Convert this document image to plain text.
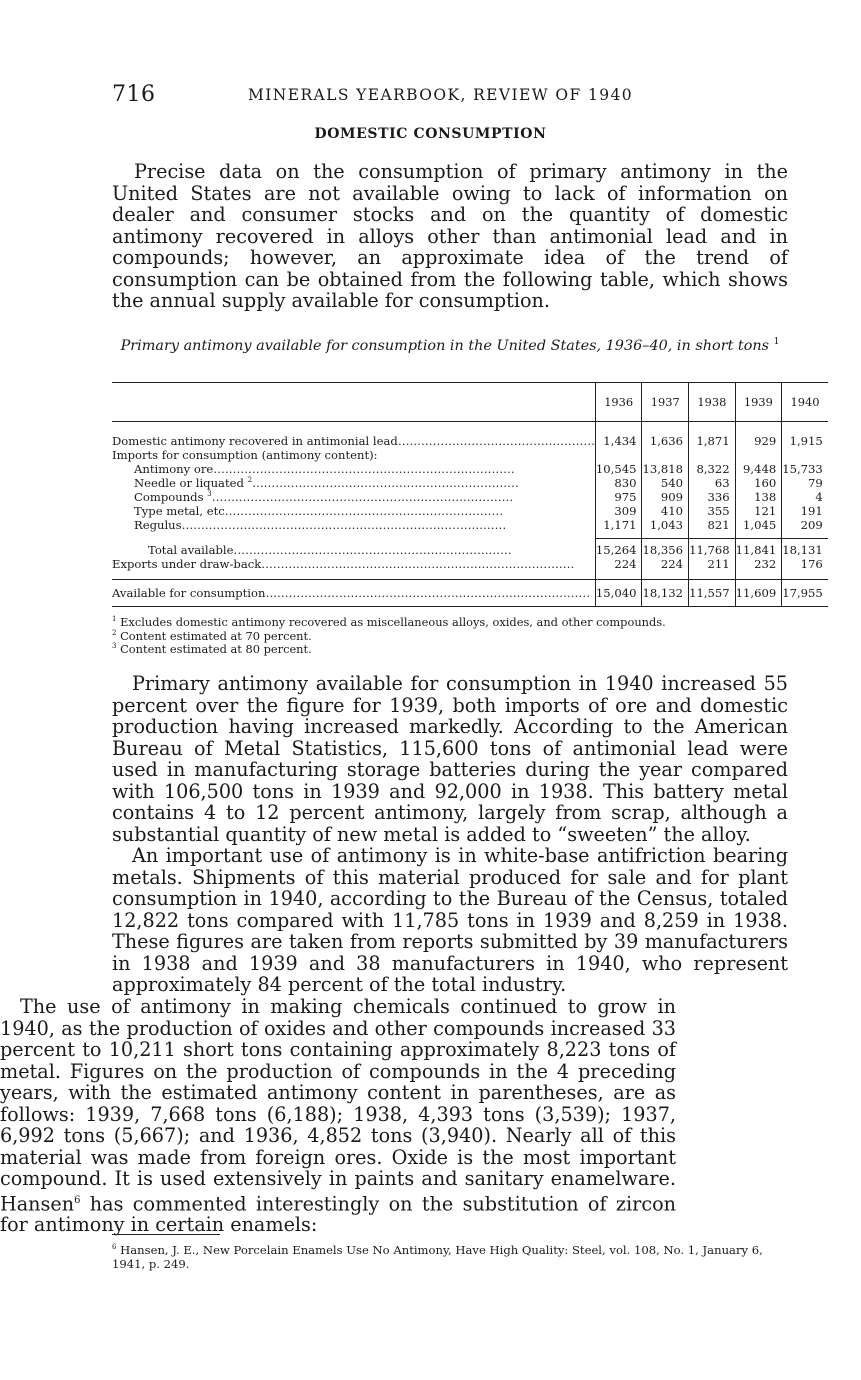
716	MINERALS YEARBOOK, REVIEW OF 1940
DOMESTIC CONSUMPTION

Precise data on the consumption of primary antimony in the United States are not available owing to lack of information on dealer and consumer stocks and on the quantity of domestic antimony recovered in alloys other than antimonial lead and in compounds; however, an approximate idea of the trend of consumption can be obtained from the following table, which shows the annual supply available for consumption.

Primary antimony available for consumption in the United States, 1936–40, in short tons $^1$
	1936	1937	1938	1939	1940

Domestic antimony recovered in antimonial lead……………………………………………	1,434	1,636	1,871	929	1,915
Imports for consumption (antimony content):					
Antimony ore……………………………………………………………………	10,545	13,818	8,322	9,448	15,733
Needle or liquated $^2$……………………………………………………………	830	540	63	160	79
Compounds $^3$……………………………………………………………………	975	909	336	138	4
Type metal, etc………………………………………………………………	309	410	355	121	191
Regulus…………………………………………………………………………	1,171	1,043	821	1,045	209

Total available………………………………………………………………	15,264	18,356	11,768	11,841	18,131
Exports under draw-back………………………………………………………………………	224	224	211	232	176

Available for consumption…………………………………………………………………………	15,040	18,132	11,557	11,609	17,955
$^1$ Excludes domestic antimony recovered as miscellaneous alloys, oxides, and other compounds.
$^2$ Content estimated at 70 percent.
$^3$ Content estimated at 80 percent.

Primary antimony available for consumption in 1940 increased 55 percent over the figure for 1939, both imports of ore and domestic production having increased markedly. According to the American Bureau of Metal Statistics, 115,600 tons of antimonial lead were used in manufacturing storage batteries during the year compared with 106,500 tons in 1939 and 92,000 in 1938. This battery metal contains 4 to 12 percent antimony, largely from scrap, although a substantial quantity of new metal is added to “sweeten” the alloy.

An important use of antimony is in white-base antifriction bearing metals. Shipments of this material produced for sale and for plant consumption in 1940, according to the Bureau of the Census, totaled 12,822 tons compared with 11,785 tons in 1939 and 8,259 in 1938. These figures are taken from reports submitted by 39 manufacturers in 1938 and 1939 and 38 manufacturers in 1940, who represent approximately 84 percent of the total industry.

The use of antimony in making chemicals continued to grow in 1940, as the production of oxides and other compounds increased 33 percent to 10,211 short tons containing approximately 8,223 tons of metal. Figures on the production of compounds in the 4 preceding years, with the estimated antimony content in parentheses, are as follows: 1939, 7,668 tons (6,188); 1938, 4,393 tons (3,539); 1937, 6,992 tons (5,667); and 1936, 4,852 tons (3,940). Nearly all of this material was made from foreign ores. Oxide is the most important compound. It is used extensively in paints and sanitary enamelware. Hansen$^6$ has commented interestingly on the substitution of zircon for antimony in certain enamels:

$^6$ Hansen, J. E., New Porcelain Enamels Use No Antimony, Have High Quality: Steel, vol. 108, No. 1, January 6, 1941, p. 249.
